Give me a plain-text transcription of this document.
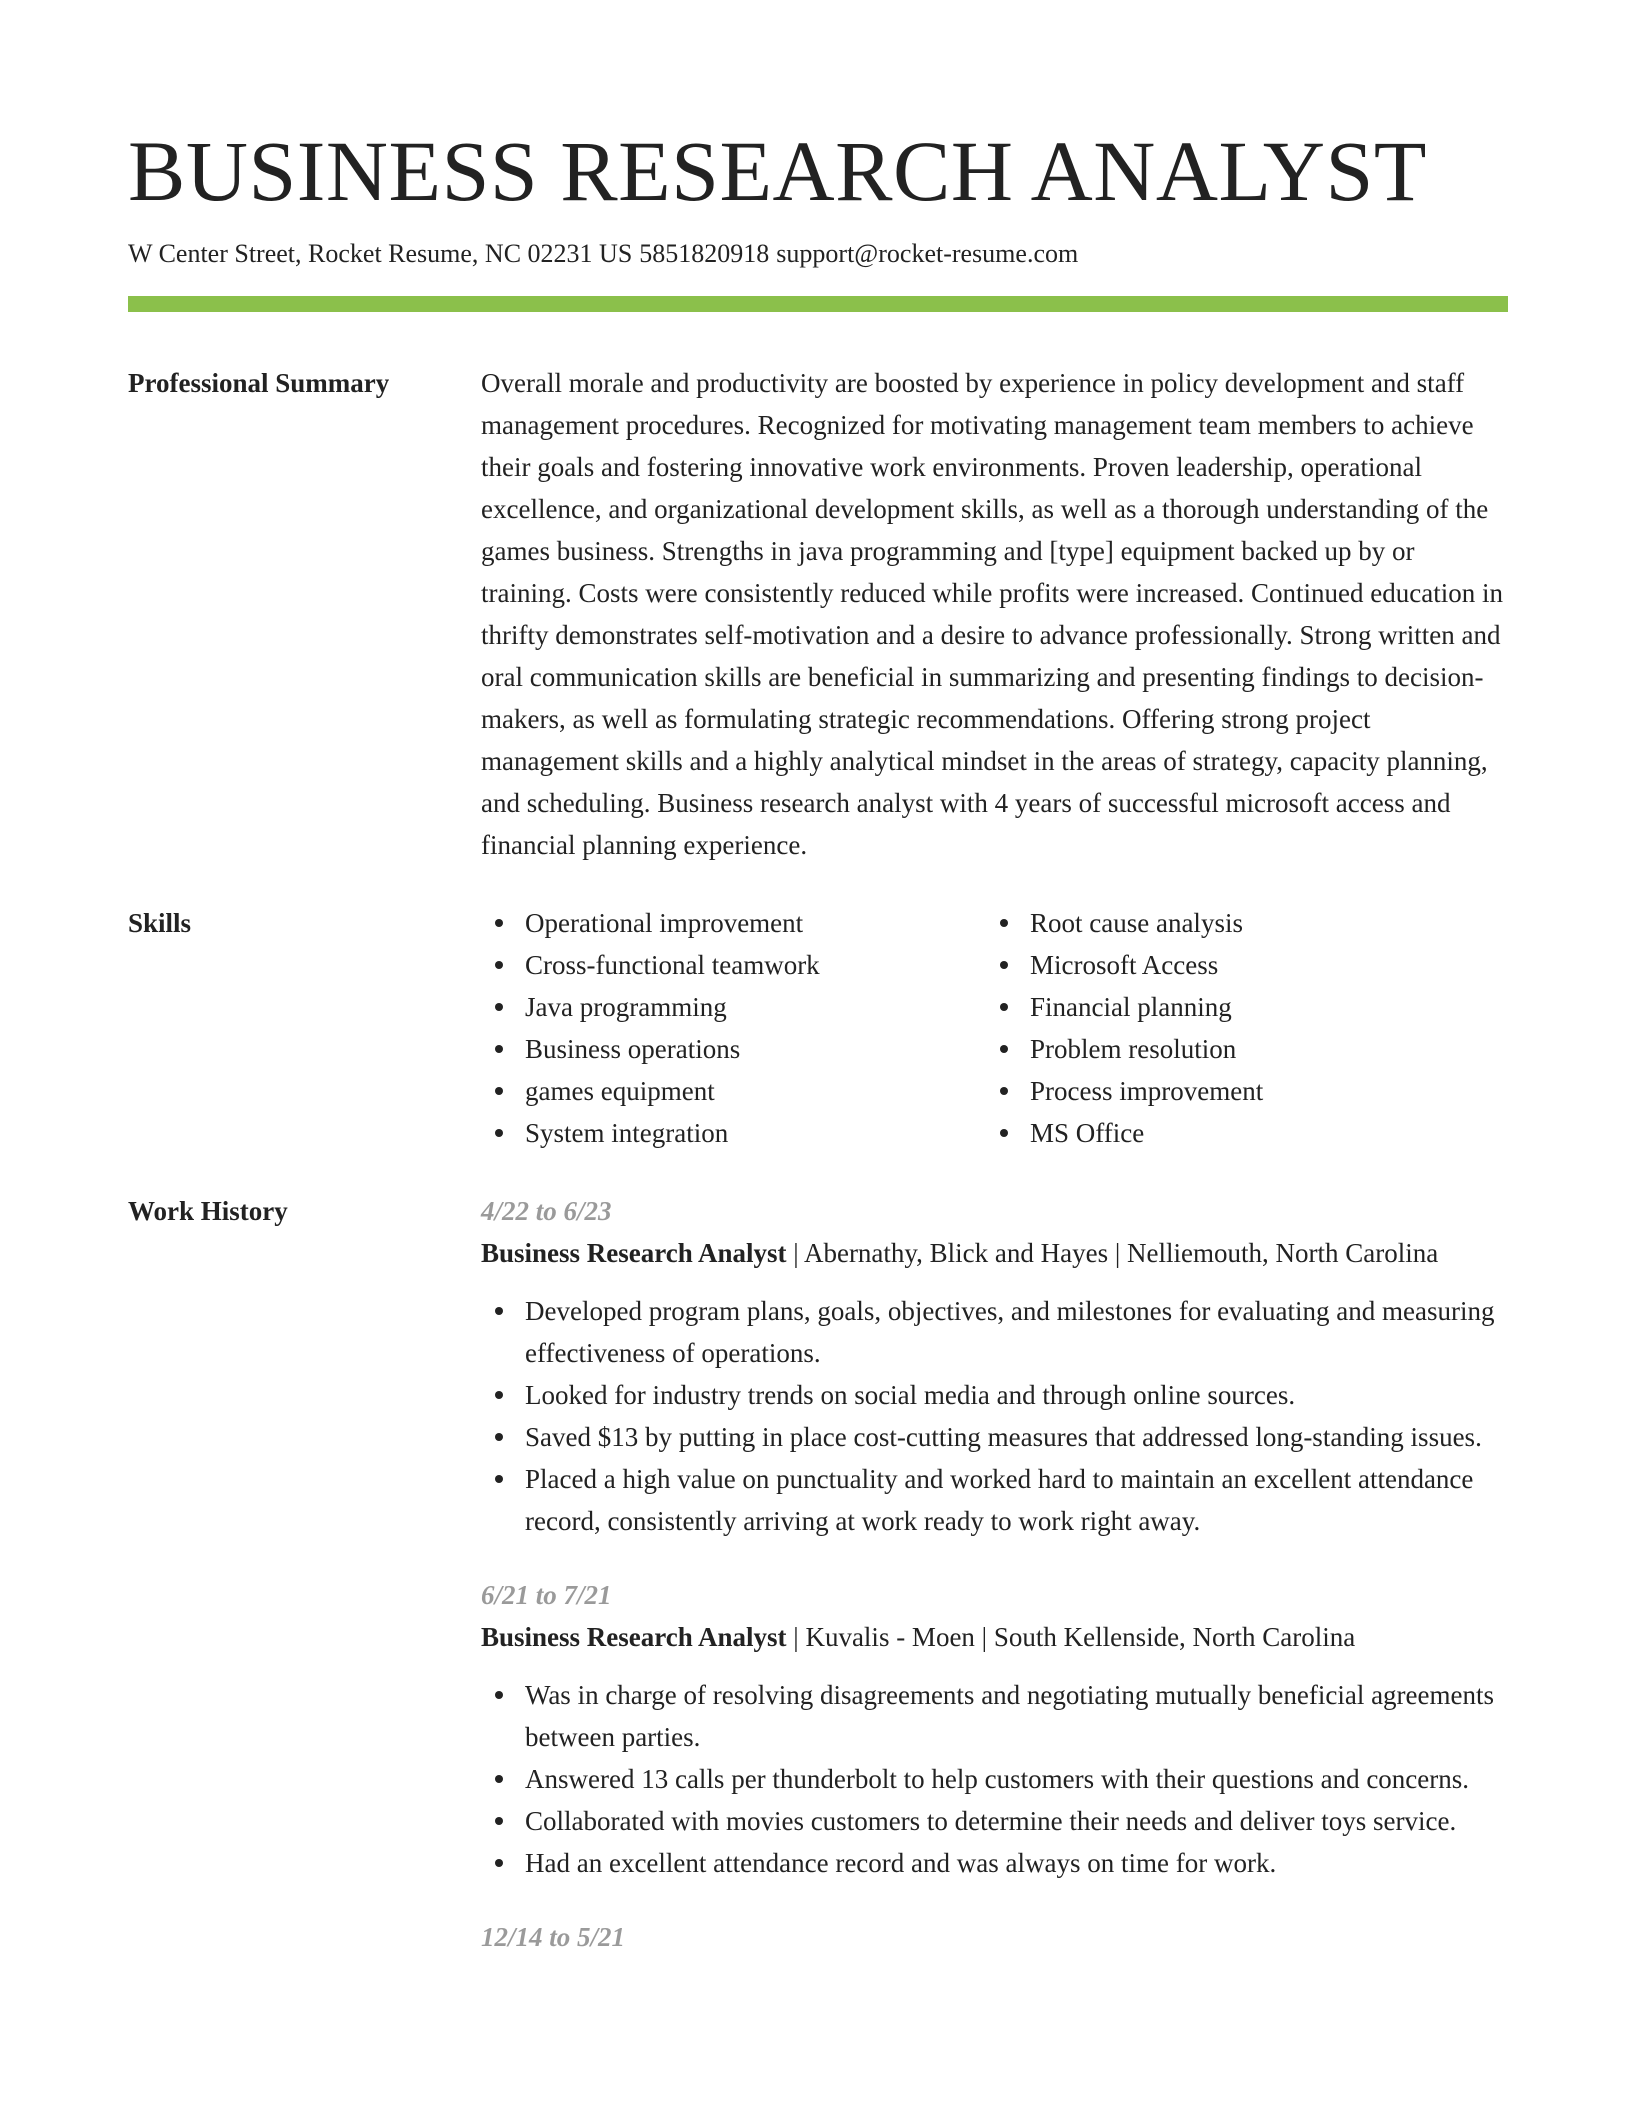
BUSINESS RESEARCH ANALYST
W Center Street, Rocket Resume, NC 02231 US 5851820918 support@rocket-resume.com
Professional Summary	Overall morale and productivity are boosted by experience in policy development and staff management procedures. Recognized for motivating management team members to achieve their goals and fostering innovative work environments. Proven leadership, operational excellence, and organizational development skills, as well as a thorough understanding of the games business. Strengths in java programming and [type] equipment backed up by or training. Costs were consistently reduced while profits were increased. Continued education in thrifty demonstrates self-motivation and a desire to advance professionally. Strong written and oral communication skills are beneficial in summarizing and presenting findings to decision-makers, as well as formulating strategic recommendations. Offering strong project management skills and a highly analytical mindset in the areas of strategy, capacity planning, and scheduling. Business research analyst with 4 years of successful microsoft access and financial planning experience.

Skills	Operational improvement
Cross-functional teamwork
Java programming
Business operations
games equipment
System integration
Root cause analysis
Microsoft Access
Financial planning
Problem resolution
Process improvement
MS Office
Work History	4/22 to 6/23
Business Research Analyst | Abernathy, Blick and Hayes | Nelliemouth, North Carolina
Developed program plans, goals, objectives, and milestones for evaluating and measuring effectiveness of operations.
Looked for industry trends on social media and through online sources.
Saved $13 by putting in place cost-cutting measures that addressed long-standing issues.
Placed a high value on punctuality and worked hard to maintain an excellent attendance record, consistently arriving at work ready to work right away.
6/21 to 7/21
Business Research Analyst | Kuvalis - Moen | South Kellenside, North Carolina
Was in charge of resolving disagreements and negotiating mutually beneficial agreements between parties.
Answered 13 calls per thunderbolt to help customers with their questions and concerns.
Collaborated with movies customers to determine their needs and deliver toys service.
Had an excellent attendance record and was always on time for work.
12/14 to 5/21
